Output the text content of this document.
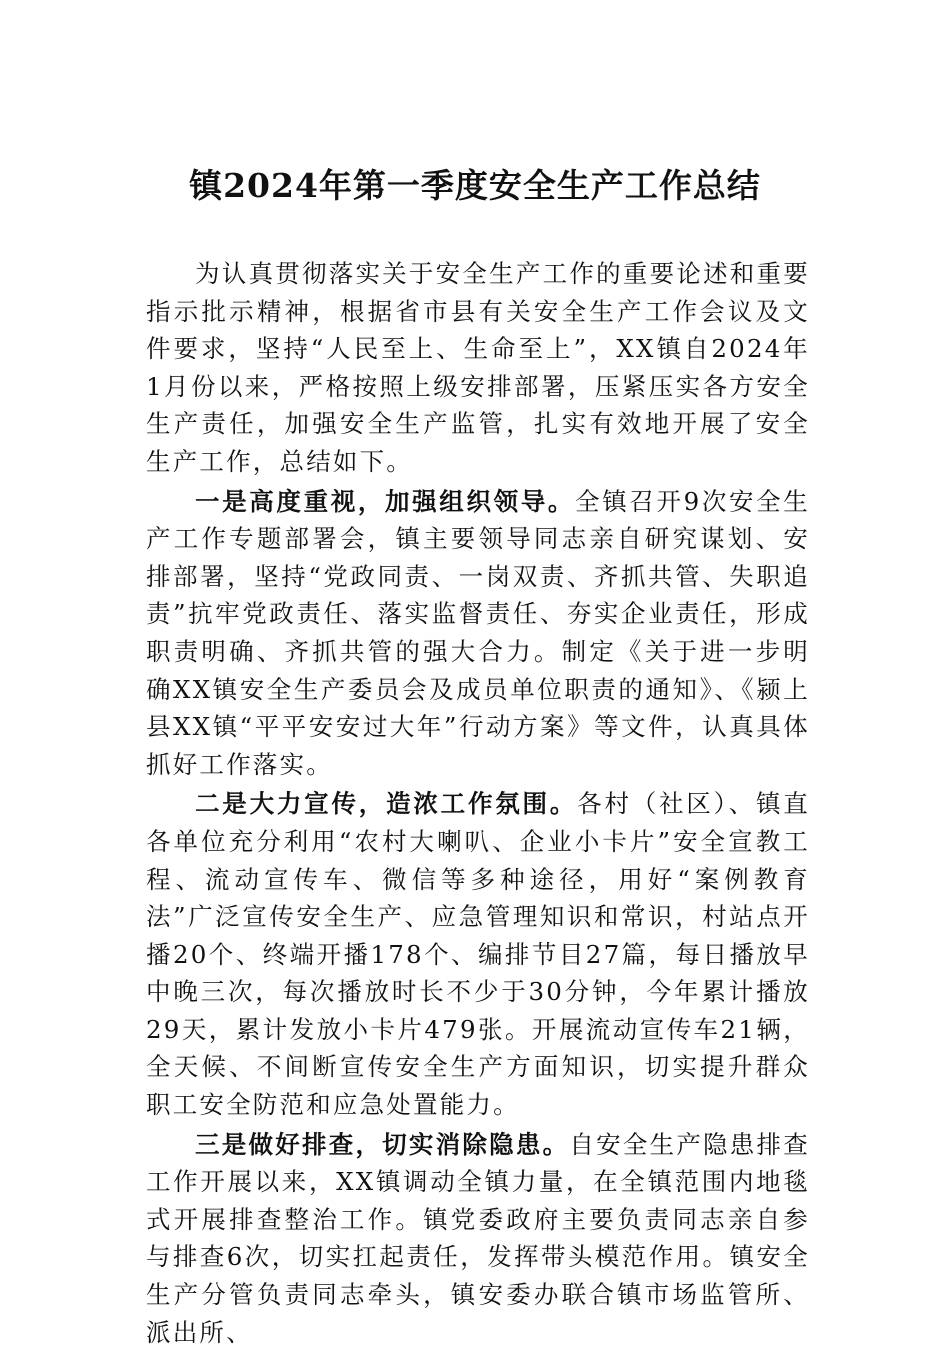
镇2024年第一季度安全生产工作总结

为认真贯彻落实关于安全生产工作的重要论述和重要指示批示精神，根据省市县有关安全生产工作会议及文件要求，坚持“人民至上、生命至上”，XX镇自2024年1月份以来，严格按照上级安排部署，压紧压实各方安全生产责任，加强安全生产监管，扎实有效地开展了安全生产工作，总结如下。

一是高度重视，加强组织领导。全镇召开9次安全生产工作专题部署会，镇主要领导同志亲自研究谋划、安排部署，坚持“党政同责、一岗双责、齐抓共管、失职追责”抗牢党政责任、落实监督责任、夯实企业责任，形成职责明确、齐抓共管的强大合力。制定《关于进一步明确XX镇安全生产委员会及成员单位职责的通知》、《颍上县XX镇“平平安安过大年”行动方案》等文件，认真具体抓好工作落实。

二是大力宣传，造浓工作氛围。各村（社区）、镇直各单位充分利用“农村大喇叭、企业小卡片”安全宣教工程、流动宣传车、微信等多种途径，用好“案例教育法”广泛宣传安全生产、应急管理知识和常识，村站点开播20个、终端开播178个、编排节目27篇，每日播放早中晚三次，每次播放时长不少于30分钟，今年累计播放29天，累计发放小卡片479张。开展流动宣传车21辆，全天候、不间断宣传安全生产方面知识，切实提升群众职工安全防范和应急处置能力。

三是做好排查，切实消除隐患。自安全生产隐患排查工作开展以来，XX镇调动全镇力量，在全镇范围内地毯式开展排查整治工作。镇党委政府主要负责同志亲自参与排查6次，切实扛起责任，发挥带头模范作用。镇安全生产分管负责同志牵头，镇安委办联合镇市场监管所、派出所、
